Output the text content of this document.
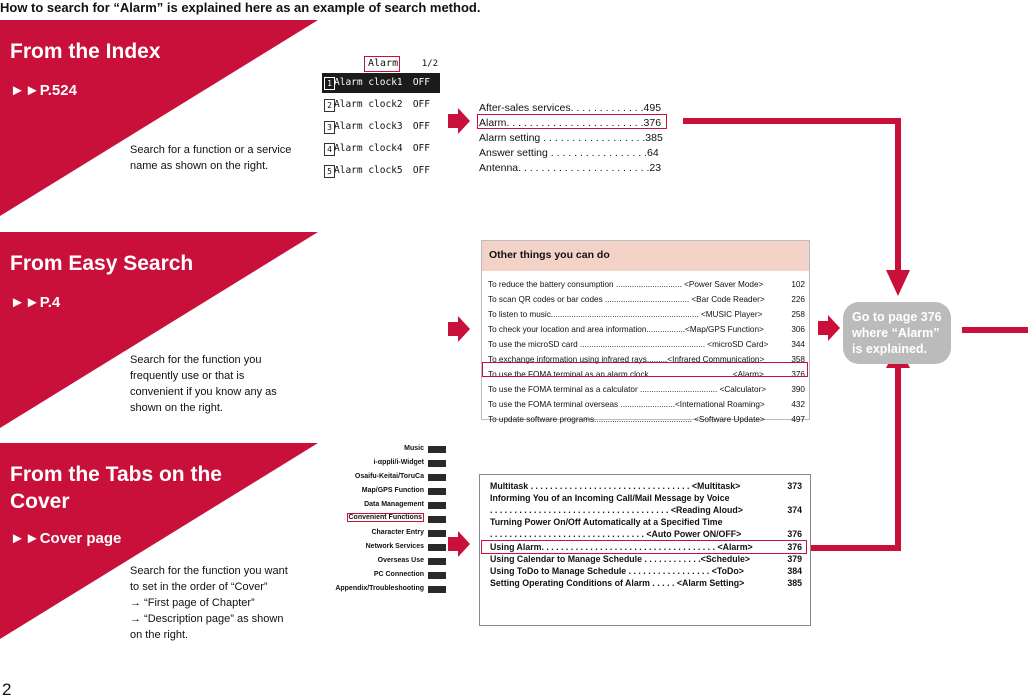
How to search for “Alarm” is explained here as an example of search method.
From the Index
►►P.524
Search for a function or a service
name as shown on the right.
From Easy Search
►►P.4
Search for the function you
frequently use or that is
convenient if you know any as
shown on the right.
From the Tabs on the Cover
►►Cover page
Search for the function you want
to set in the order of “Cover”
→ “First page of Chapter”
→ “Description page” as shown
on the right.
Alarm	1/2
1 Alarm clock1 OFF
2 Alarm clock2 OFF
3 Alarm clock3 OFF
4 Alarm clock4 OFF
5 Alarm clock5 OFF
After-sales services. . . . . . . . . . . . .495
Alarm. . . . . . . . . . . . . . . . . . . . . . . .376
Alarm setting . . . . . . . . . . . . . . . . . .385
Answer setting . . . . . . . . . . . . . . . . .64
Antenna. . . . . . . . . . . . . . . . . . . . . . .23
Other things you can do
To reduce the battery consumption ............................. <Power Saver Mode>	102
To scan QR codes or bar codes ..................................... <Bar Code Reader>	226
To listen to music................................................................. <MUSIC Player>	258
To check your location and area information.................<Map/GPS Function>	306
To use the microSD card ....................................................... <microSD Card>	344
To exchange information using infrared rays.........<Infrared Communication>	358
To use the FOMA terminal as an alarm clock.....................................<Alarm>	376
To use the FOMA terminal as a calculator .................................. <Calculator>	390
To use the FOMA terminal overseas ........................<International Roaming>	432
To update software programs........................................... <Software Update>	497
Music
i-αppli/i-Widget
Osaifu-Keitai/ToruCa
Map/GPS Function
Data Management
Convenient Functions
Character Entry
Network Services
Overseas Use
PC Connection
Appendix/Troubleshooting
Multitask . . . . . . . . . . . . . . . . . . . . . . . . . . . . . . . . . <Multitask>	373
Informing You of an Incoming Call/Mail Message by Voice
. . . . . . . . . . . . . . . . . . . . . . . . . . . . . . . . . . . . . <Reading Aloud>	374
Turning Power On/Off Automatically at a Specified Time
. . . . . . . . . . . . . . . . . . . . . . . . . . . . . . . . <Auto Power ON/OFF>	376
Using Alarm. . . . . . . . . . . . . . . . . . . . . . . . . . . . . . . . . . . . <Alarm>	376
Using Calendar to Manage Schedule . . . . . . . . . . . .<Schedule>	379
Using ToDo to Manage Schedule . . . . . . . . . . . . . . . . . <ToDo>	384
Setting Operating Conditions of Alarm . . . . . <Alarm Setting>	385
Go to page 376
where “Alarm”
is explained.
2
